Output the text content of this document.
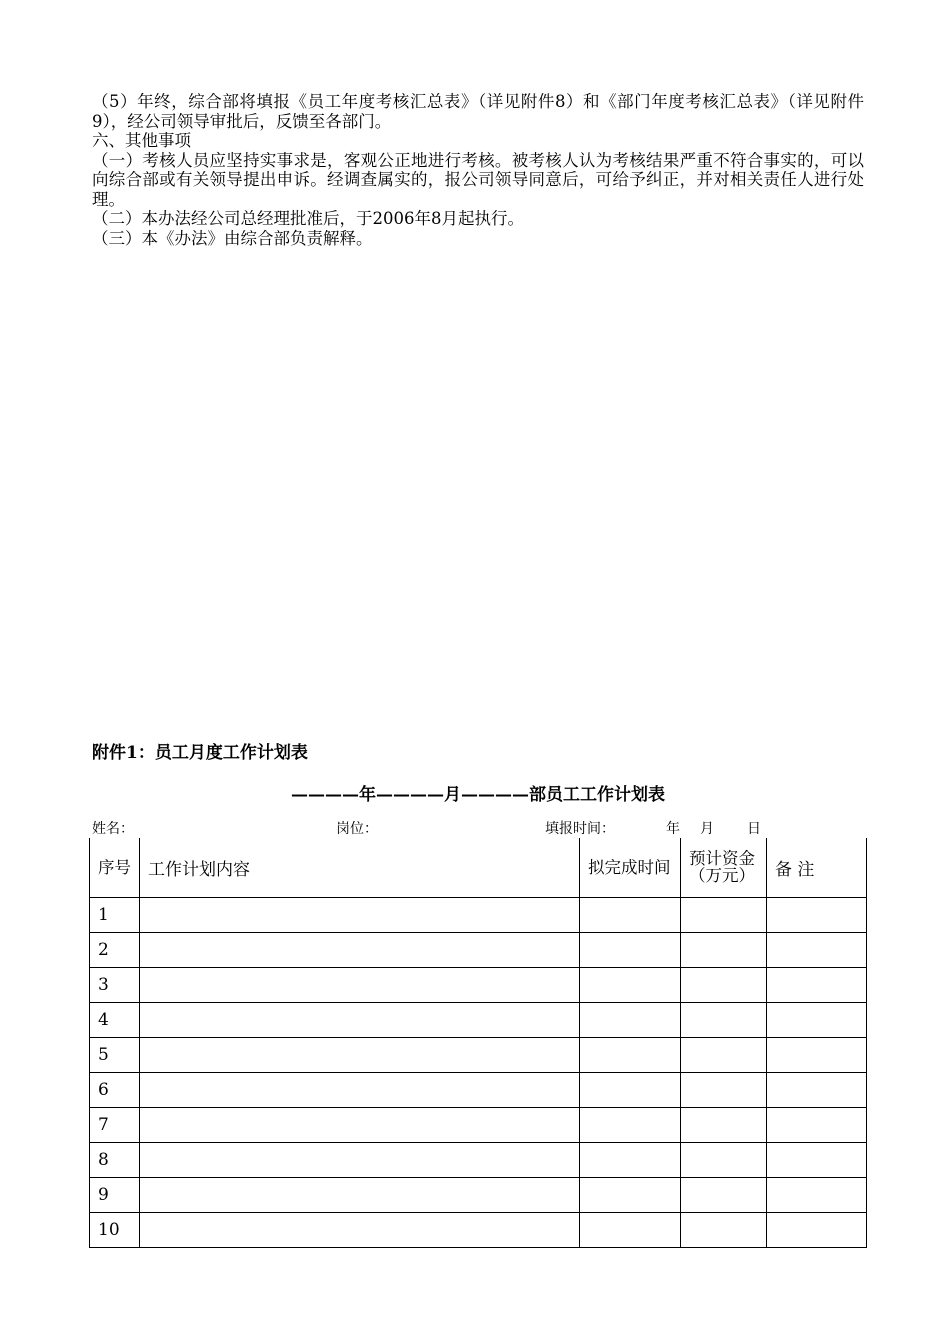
（5）年终，综合部将填报《员工年度考核汇总表》（详见附件8）和《部门年度考核汇总表》（详见附件9），经公司领导审批后，反馈至各部门。

六、其他事项

（一）考核人员应坚持实事求是，客观公正地进行考核。被考核人认为考核结果严重不符合事实的，可以向综合部或有关领导提出申诉。经调查属实的，报公司领导同意后，可给予纠正，并对相关责任人进行处理。

（二）本办法经公司总经理批准后，于2006年8月起执行。

（三）本《办法》由综合部负责解释。

附件1：员工月度工作计划表
————年————月————部员工工作计划表
姓名：	岗位：	填报时间：	年 月 日
序号	工作计划内容	拟完成时间	预计资金（万元）	备 注
1				
2				
3				
4				
5				
6				
7				
8				
9				
10				
